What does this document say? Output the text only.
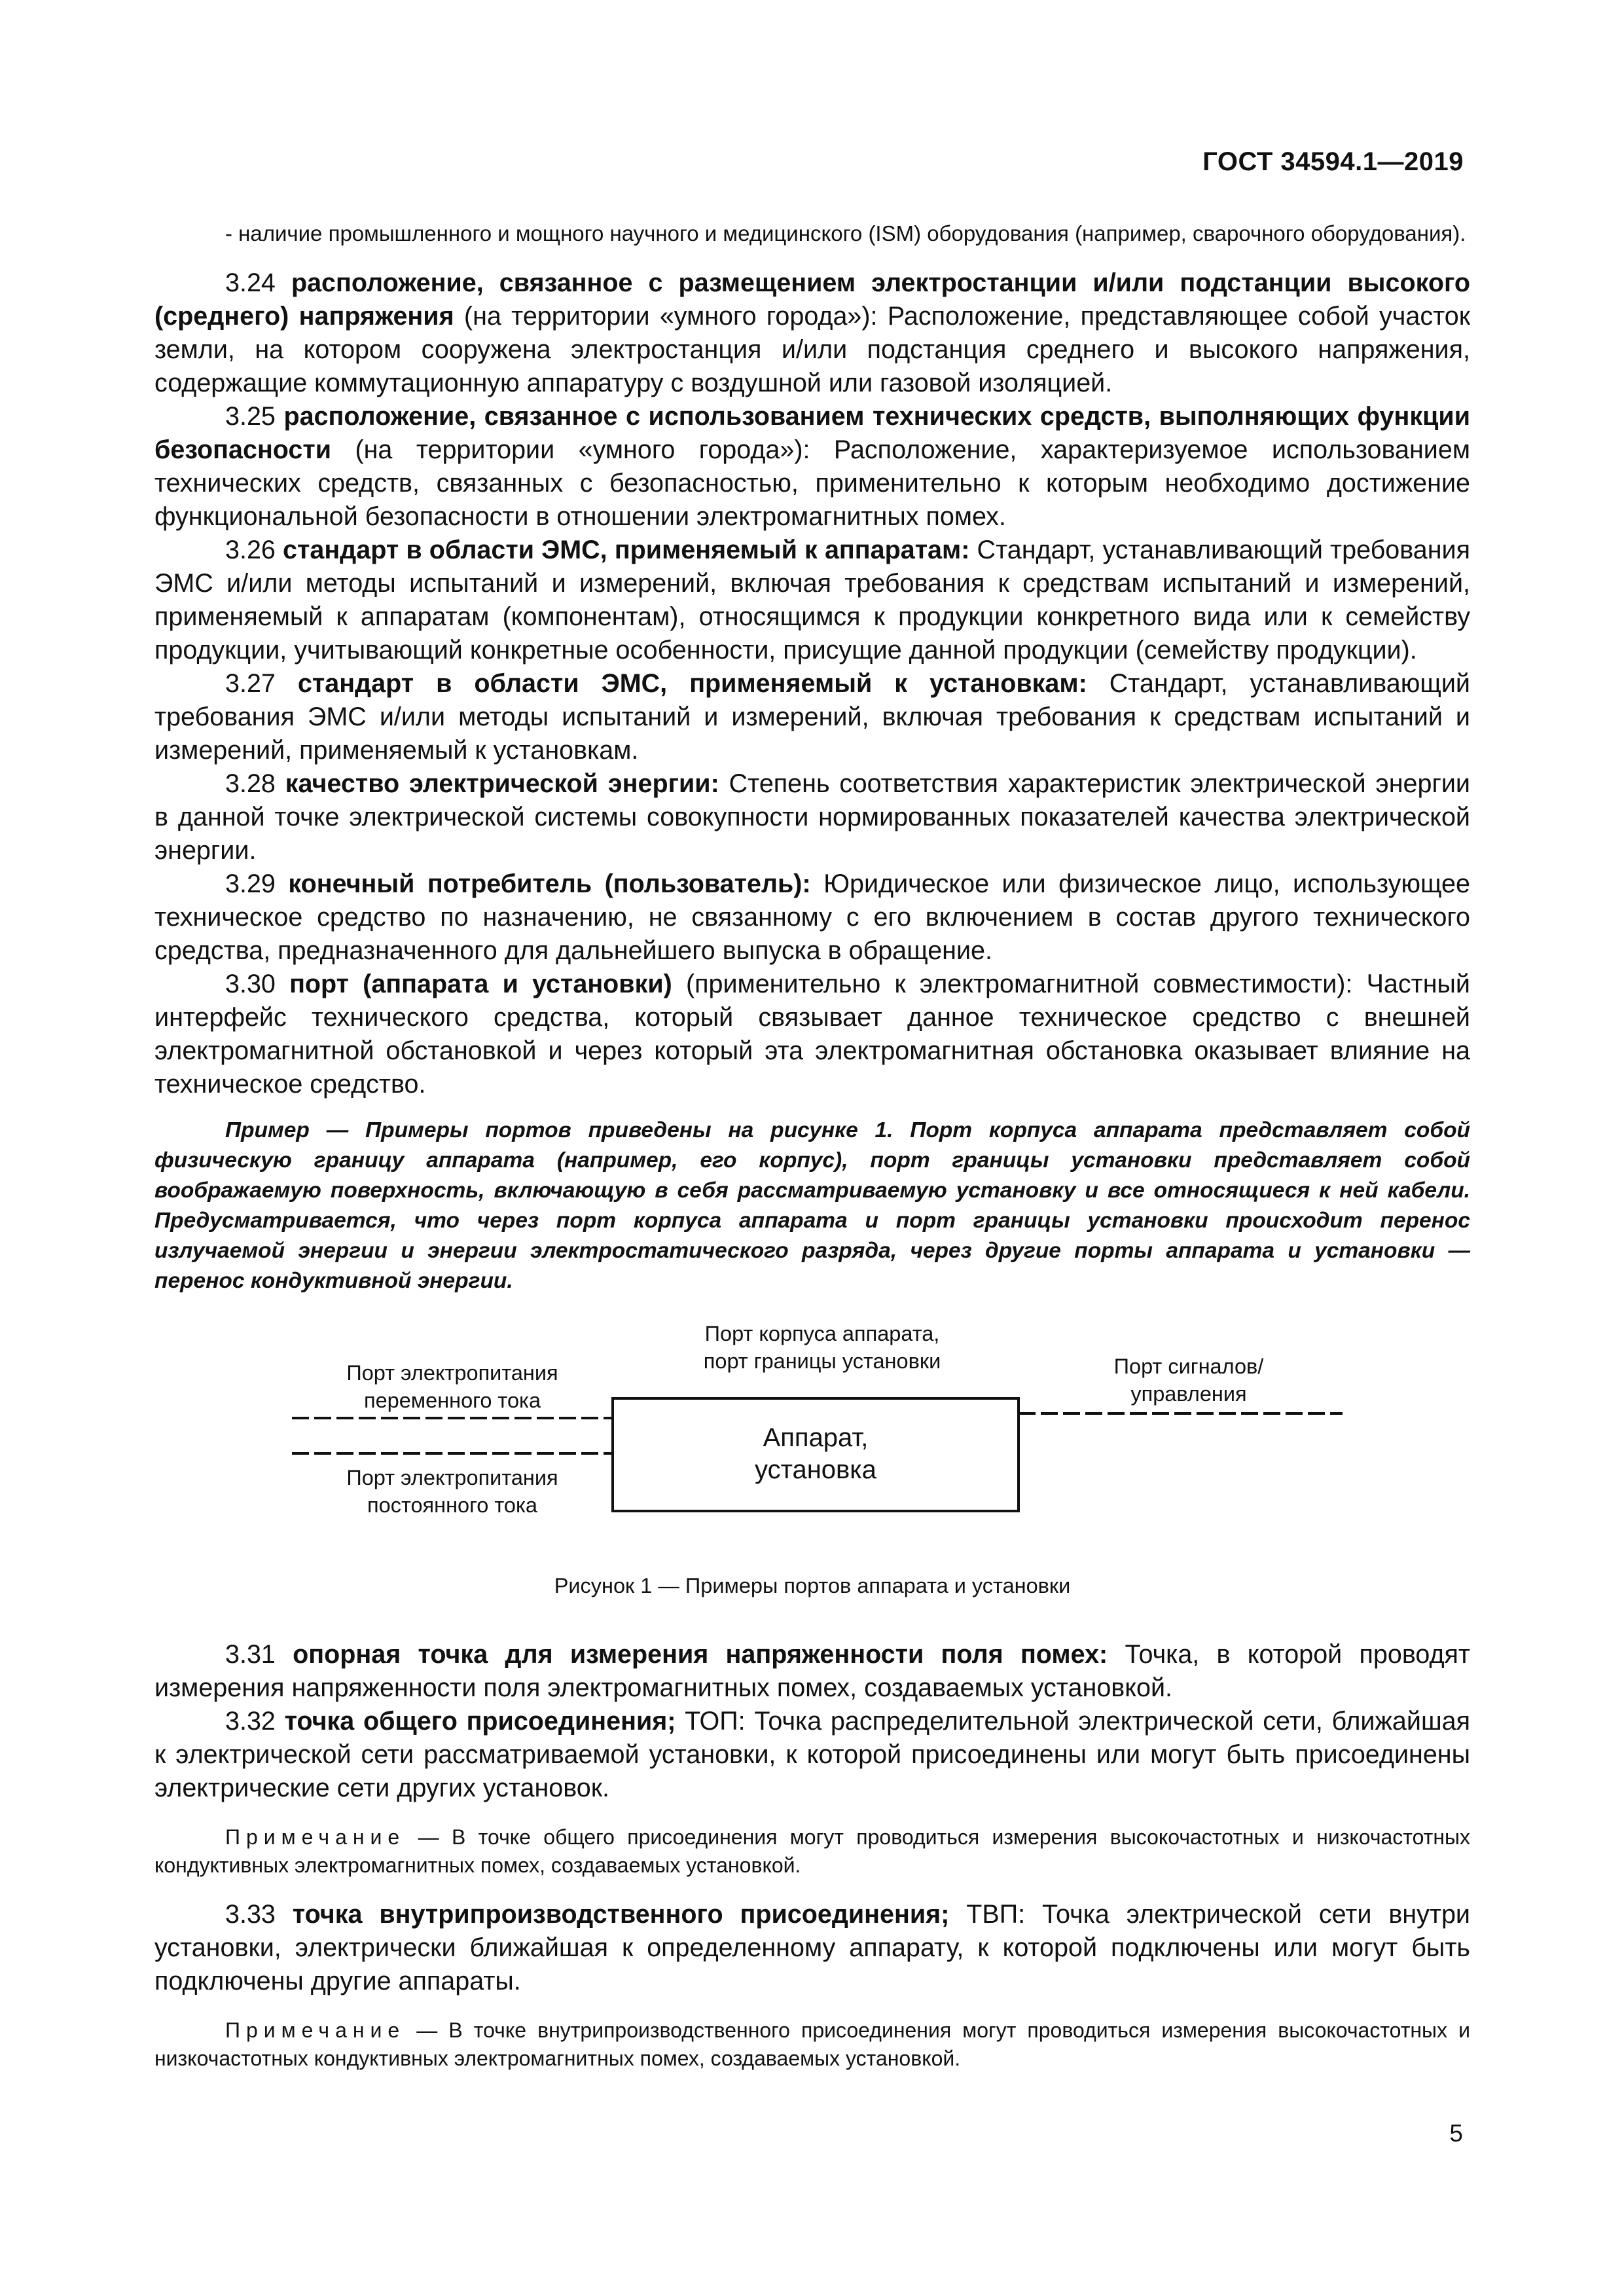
ГОСТ 34594.1—2019

- наличие промышленного и мощного научного и медицинского (ISM) оборудования (например, сварочного оборудования).

3.24 расположение, связанное с размещением электростанции и/или подстанции высокого (среднего) напряжения (на территории «умного города»): Расположение, представляющее собой участок земли, на котором сооружена электростанция и/или подстанция среднего и высокого напряжения, содержащие коммутационную аппаратуру с воздушной или газовой изоляцией.

3.25 расположение, связанное с использованием технических средств, выполняющих функции безопасности (на территории «умного города»): Расположение, характеризуемое использованием технических средств, связанных с безопасностью, применительно к которым необходимо достижение функциональной безопасности в отношении электромагнитных помех.

3.26 стандарт в области ЭМС, применяемый к аппаратам: Стандарт, устанавливающий требования ЭМС и/или методы испытаний и измерений, включая требования к средствам испытаний и измерений, применяемый к аппаратам (компонентам), относящимся к продукции конкретного вида или к семейству продукции, учитывающий конкретные особенности, присущие данной продукции (семейству продукции).

3.27 стандарт в области ЭМС, применяемый к установкам: Стандарт, устанавливающий требования ЭМС и/или методы испытаний и измерений, включая требования к средствам испытаний и измерений, применяемый к установкам.

3.28 качество электрической энергии: Степень соответствия характеристик электрической энергии в данной точке электрической системы совокупности нормированных показателей качества электрической энергии.

3.29 конечный потребитель (пользователь): Юридическое или физическое лицо, использующее техническое средство по назначению, не связанному с его включением в состав другого технического средства, предназначенного для дальнейшего выпуска в обращение.

3.30 порт (аппарата и установки) (применительно к электромагнитной совместимости): Частный интерфейс технического средства, который связывает данное техническое средство с внешней электромагнитной обстановкой и через который эта электромагнитная обстановка оказывает влияние на техническое средство.

Пример — Примеры портов приведены на рисунке 1. Порт корпуса аппарата представляет собой физическую границу аппарата (например, его корпус), порт границы установки представляет собой воображаемую поверхность, включающую в себя рассматриваемую установку и все относящиеся к ней кабели. Предусматривается, что через порт корпуса аппарата и порт границы установки происходит перенос излучаемой энергии и энергии электростатического разряда, через другие порты аппарата и установки — перенос кондуктивной энергии.

Порт корпуса аппарата,
порт границы установки
Порт электропитания
переменного тока
Порт электропитания
постоянного тока
Порт сигналов/
управления
Аппарат,
установка
Рисунок 1 — Примеры портов аппарата и установки

3.31 опорная точка для измерения напряженности поля помех: Точка, в которой проводят измерения напряженности поля электромагнитных помех, создаваемых установкой.

3.32 точка общего присоединения; ТОП: Точка распределительной электрической сети, ближайшая к электрической сети рассматриваемой установки, к которой присоединены или могут быть присоединены электрические сети других установок.

Примечание — В точке общего присоединения могут проводиться измерения высокочастотных и низкочастотных кондуктивных электромагнитных помех, создаваемых установкой.

3.33 точка внутрипроизводственного присоединения; ТВП: Точка электрической сети внутри установки, электрически ближайшая к определенному аппарату, к которой подключены или могут быть подключены другие аппараты.

Примечание — В точке внутрипроизводственного присоединения могут проводиться измерения высокочастотных и низкочастотных кондуктивных электромагнитных помех, создаваемых установкой.

5
